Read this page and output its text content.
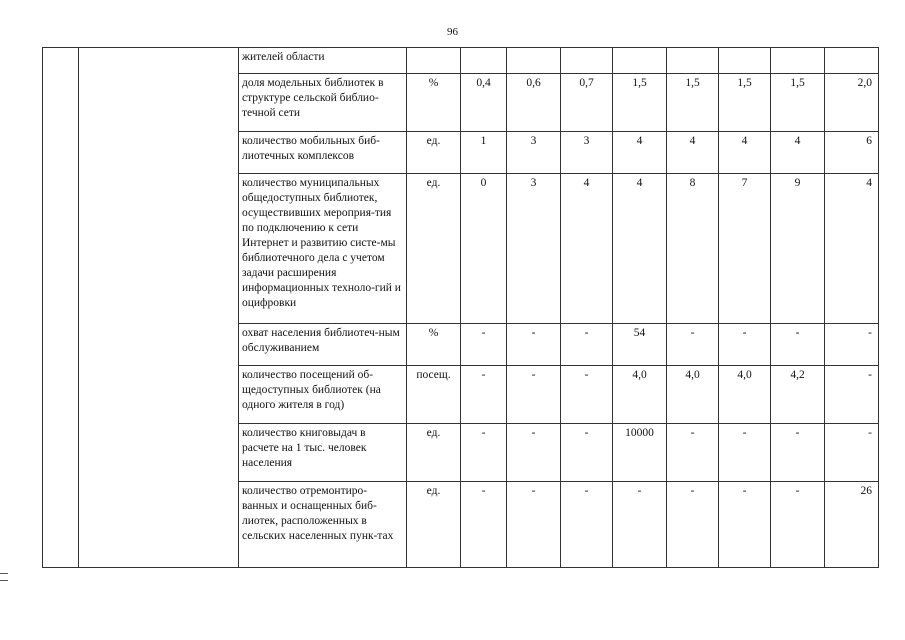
96
		жителей области									
		доля модельных библиотек в структуре сельской библио-течной сети	%	0,4	0,6	0,7	1,5	1,5	1,5	1,5	2,0
		количество мобильных биб-лиотечных комплексов	ед.	1	3	3	4	4	4	4	6
		количество муниципальных общедоступных библиотек, осуществивших мероприя-тия по подключению к сети Интернет и развитию систе-мы библиотечного дела с учетом задачи расширения информационных техноло-гий и оцифровки	ед.	0	3	4	4	8	7	9	4
		охват населения библиотеч-ным обслуживанием	%	-	-	-	54	-	-	-	-
		количество посещений об-щедоступных библиотек (на одного жителя в год)	посещ.	-	-	-	4,0	4,0	4,0	4,2	-
		количество книговыдач в расчете на 1 тыс. человек населения	ед.	-	-	-	10000	-	-	-	-
		количество отремонтиро-ванных и оснащенных биб-лиотек, расположенных в сельских населенных пунк-тах	ед.	-	-	-	-	-	-	-	26
